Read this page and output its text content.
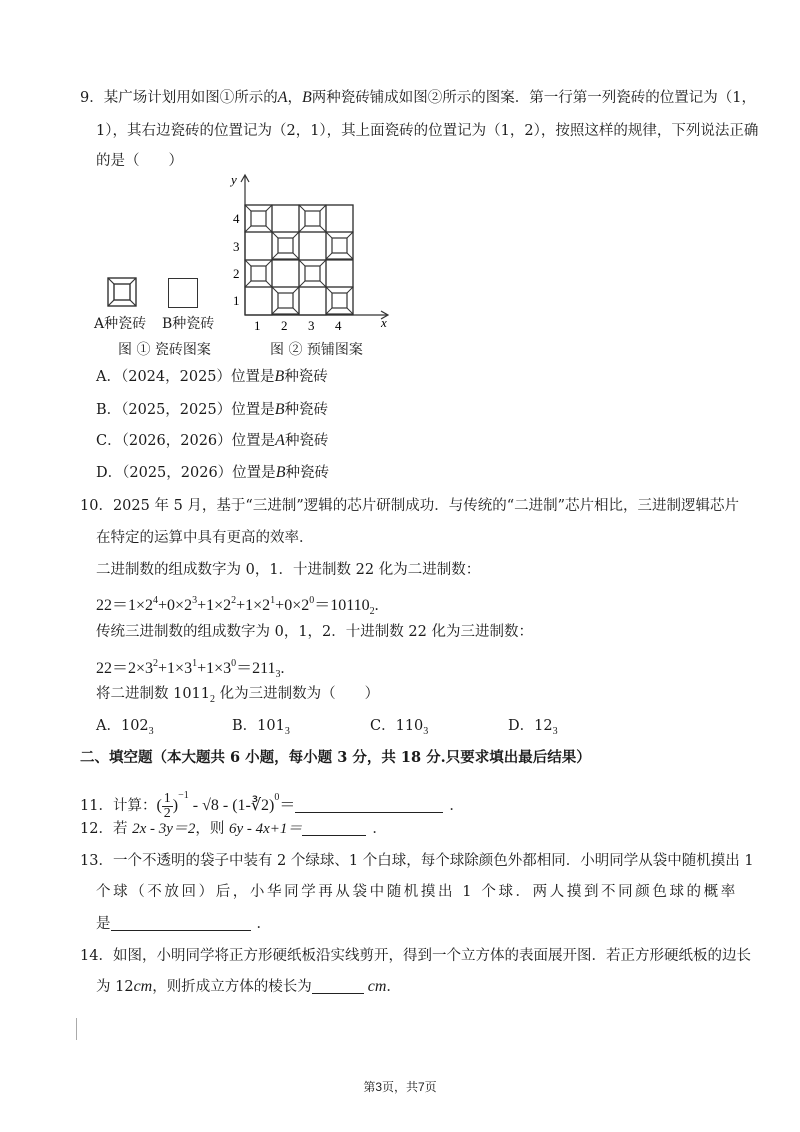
9．某广场计划用如图①所示的A，B两种瓷砖铺成如图②所示的图案．第一行第一列瓷砖的位置记为（1，
1），其右边瓷砖的位置记为（2，1），其上面瓷砖的位置记为（1，2），按照这样的规律，下列说法正确
的是（　　）
A种瓷砖 B种瓷砖
图 ① 瓷砖图案
y
x
4
3
2
1
1 2 3 4
图 ② 预铺图案
A．（2024，2025）位置是B种瓷砖
B．（2025，2025）位置是B种瓷砖
C．（2026，2026）位置是A种瓷砖
D．（2025，2026）位置是B种瓷砖
10．2025 年 5 月，基于“三进制”逻辑的芯片研制成功．与传统的“二进制”芯片相比，三进制逻辑芯片
在特定的运算中具有更高的效率．
二进制数的组成数字为 0，1．十进制数 22 化为二进制数：
$22=1\times 2^4+0\times 2^3+1\times 2^2+1\times 2^1+0\times 2^0=10110_2$.
传统三进制数的组成数字为 0，1，2．十进制数 22 化为三进制数：
$22=2\times 3^2+1\times 3^1+1\times 3^0=211_3$.
将二进制数 $1011_2$ 化为三进制数为（　　）
A．$102_3$	B．$101_3$	C．$110_3$	D．$12_3$
二、填空题（本大题共 6 小题，每小题 3 分，共 18 分.只要求填出最后结果）
11．计算：( $\frac{1}{2} )^{-1} - √8$ - (1-∛2)$^0$＝	．
12．若 2x - 3y＝2，则 6y - 4x+1＝	．
13．一个不透明的袋子中装有 2 个绿球、1 个白球，每个球除颜色外都相同．小明同学从袋中随机摸出 1
个球（不放回）后，小华同学再从袋中随机摸出 1 个球．两人摸到不同颜色球的概率
是	．
14．如图，小明同学将正方形硬纸板沿实线剪开，得到一个立方体的表面展开图．若正方形硬纸板的边长
为 12cm，则折成立方体的棱长为	cm．
第3页，共7页
